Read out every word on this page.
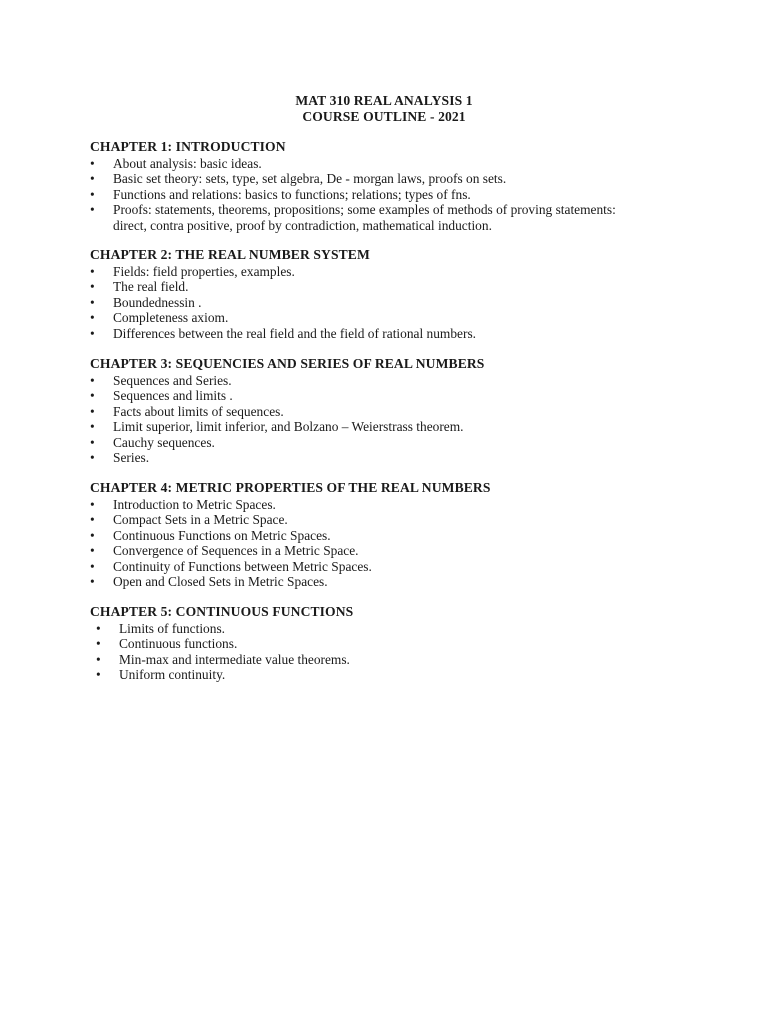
MAT 310 REAL ANALYSIS 1
COURSE OUTLINE - 2021
CHAPTER 1: INTRODUCTION
• About analysis: basic ideas.
• Basic set theory: sets, type, set algebra, De - morgan laws, proofs on sets.
• Functions and relations: basics to functions; relations; types of fns.
• Proofs: statements, theorems, propositions; some examples of methods of proving statements: direct, contra positive, proof by contradiction, mathematical induction.
CHAPTER 2: THE REAL NUMBER SYSTEM
• Fields: field properties, examples.
• The real field.
• Boundednessin .
• Completeness axiom.
• Differences between the real field and the field of rational numbers.
CHAPTER 3: SEQUENCIES AND SERIES OF REAL NUMBERS
• Sequences and Series.
• Sequences and limits .
• Facts about limits of sequences.
• Limit superior, limit inferior, and Bolzano – Weierstrass theorem.
• Cauchy sequences.
• Series.
CHAPTER 4: METRIC PROPERTIES OF THE REAL NUMBERS
• Introduction to Metric Spaces.
• Compact Sets in a Metric Space.
• Continuous Functions on Metric Spaces.
• Convergence of Sequences in a Metric Space.
• Continuity of Functions between Metric Spaces.
• Open and Closed Sets in Metric Spaces.
CHAPTER 5: CONTINUOUS FUNCTIONS
• Limits of functions.
• Continuous functions.
• Min-max and intermediate value theorems.
• Uniform continuity.
